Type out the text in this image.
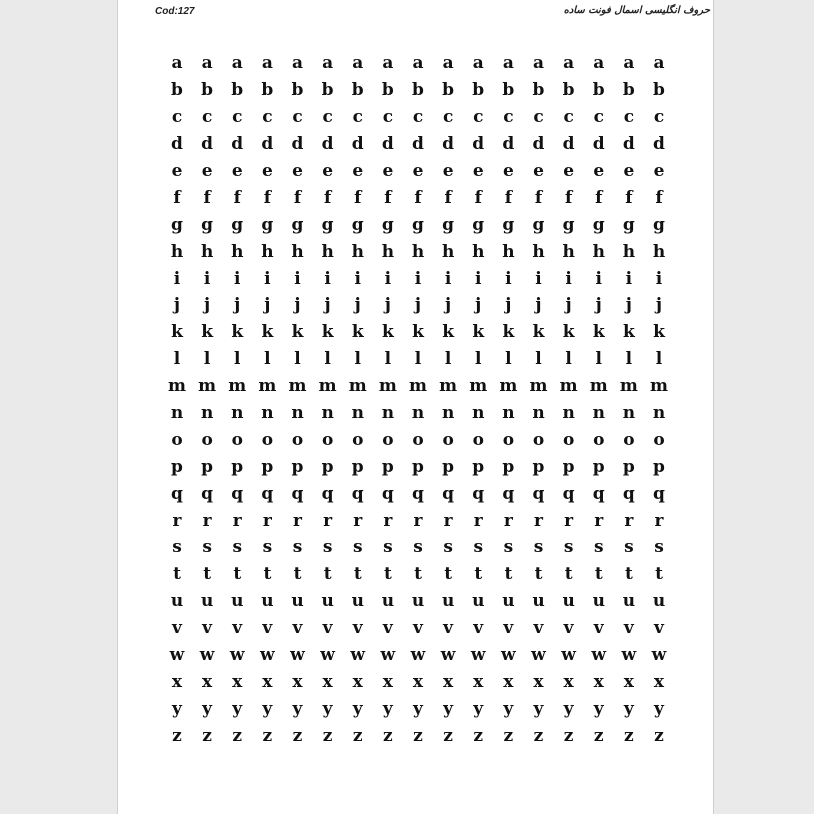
Cod:127	حروف انگلیسی اسمال فونت ساده
a	a	a	a	a	a	a	a	a	a	a	a	a	a	a	a	a
b b b b b b b b b b b b b b b b b
c	c	c	c	c	c	c	c	c	c	c	c	c	c	c	c	c
d d d d d d d d d d d d d d d d d
e	e	e	e	e	e	e	e	e	e	e	e	e	e	e	e	e
f	f	f	f	f	f	f	f	f	f	f	f	f	f	f	f	f
g g g g g g g g g g g g g g g g g
h h h h h h h h h h h h h h h h h
i	i	i	i	i	i	i	i	i	i	i	i	i	i	i	i	i
j	j	j	j	j	j	j	j	j	j	j	j	j	j	j	j	j
k	k	k	k	k	k	k	k	k	k	k	k	k	k	k	k	k
l	l	l	l	l	l	l	l	l	l	l	l	l	l	l	l	l
m m m m m m m m m m m m m m m m m
n n n n n n n n n n n n n n n n n
o	o	o	o	o	o	o	o	o	o	o	o	o	o	o	o	o
p p p p p p p p p p p p p p p p p
q q q q q q q q q q q q q q q q q
r	r	r	r	r	r	r	r	r	r	r	r	r	r	r	r	r
s	s	s	s	s	s	s	s	s	s	s	s	s	s	s	s	s
t	t	t	t	t	t	t	t	t	t	t	t	t	t	t	t	t
u u u u u u u u u u u u u u u u u
v	v	v	v	v	v	v	v	v	v	v	v	v	v	v	v	v
w w w w w w w w w w w w w w w w w
x	x	x	x	x	x	x	x	x	x	x	x	x	x	x	x	x
y	y	y	y	y	y	y	y	y	y	y	y	y	y	y	y	y
z	z	z	z	z	z	z	z	z	z	z	z	z	z	z	z	z
